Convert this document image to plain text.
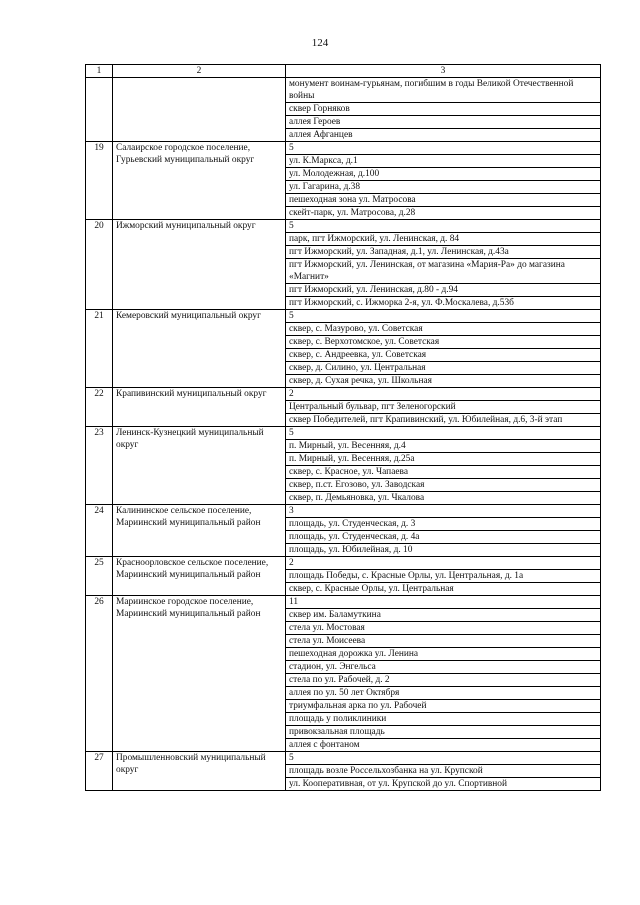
124
1	2	3
		монумент воинам-гурьянам, погибшим в годы Великой Отечественной войны
		сквер Горняков
		аллея Героев
		аллея Афганцев
19	Салаирское городское поселение, Гурьевский муниципальный округ	5
		ул. К.Маркса, д.1
		ул. Молодежная, д.100
		ул. Гагарина, д.38
		пешеходная зона ул. Матросова
		скейт-парк, ул. Матросова, д.28
20	Ижморский муниципальный округ	5
		парк, пгт Ижморский, ул. Ленинская, д. 84
		пгт Ижморский, ул. Западная, д.1, ул. Ленинская, д.43а
		пгт Ижморский, ул. Ленинская, от магазина «Мария-Ра» до магазина «Магнит»
		пгт Ижморский, ул. Ленинская, д.80 - д.94
		пгт Ижморский, с. Ижморка 2-я, ул. Ф.Москалева, д.53б
21	Кемеровский муниципальный округ	5
		сквер, с. Мазурово, ул. Советская
		сквер, с. Верхотомское, ул. Советская
		сквер, с. Андреевка, ул. Советская
		сквер, д. Силино, ул. Центральная
		сквер, д. Сухая речка, ул. Школьная
22	Крапивинский муниципальный округ	2
		Центральный бульвар, пгт Зеленогорский
		сквер Победителей, пгт Крапивинский, ул. Юбилейная, д.6, 3-й этап
23	Ленинск-Кузнецкий муниципальный округ	5
		п. Мирный, ул. Весенняя, д.4
		п. Мирный, ул. Весенняя, д.25а
		сквер, с. Красное, ул. Чапаева
		сквер, п.ст. Егозово, ул. Заводская
		сквер, п. Демьяновка, ул. Чкалова
24	Калининское сельское поселение, Мариинский муниципальный район	3
		площадь, ул. Студенческая, д. 3
		площадь, ул. Студенческая, д. 4а
		площадь, ул. Юбилейная, д. 10
25	Красноорловское сельское поселение, Мариинский муниципальный район	2
		площадь Победы, с. Красные Орлы, ул. Центральная, д. 1а
		сквер, с. Красные Орлы, ул. Центральная
26	Мариинское городское поселение, Мариинский муниципальный район	11
		сквер им. Баламуткина
		стела ул. Мостовая
		стела ул. Моисеева
		пешеходная дорожка ул. Ленина
		стадион, ул. Энгельса
		стела по ул. Рабочей, д. 2
		аллея по ул. 50 лет Октября
		триумфальная арка по ул. Рабочей
		площадь у поликлиники
		привокзальная площадь
		аллея с фонтаном
27	Промышленновский муниципальный округ	5
		площадь возле Россельхозбанка на ул. Крупской
		ул. Кооперативная, от ул. Крупской до ул. Спортивной
